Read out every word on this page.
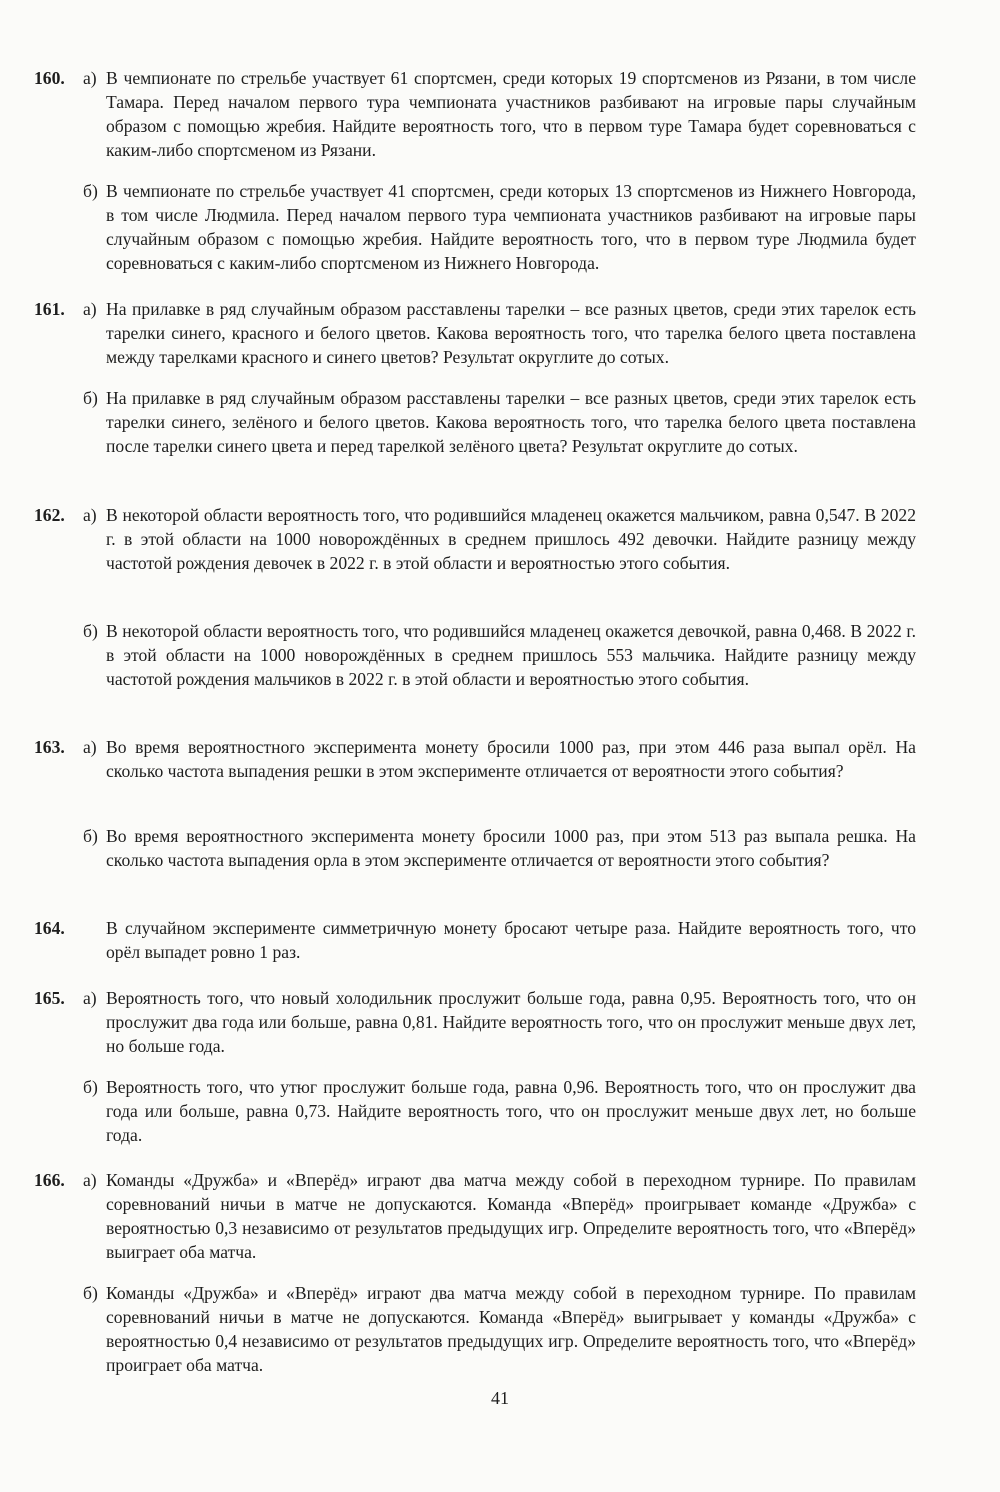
160. а) В чемпионате по стрельбе участвует 61 спортсмен, среди которых 19 спортсменов из Рязани, в том числе Тамара. Перед началом первого тура чемпионата участников разбивают на игровые пары случайным образом с помощью жребия. Найдите вероятность того, что в первом туре Тамара будет соревноваться с каким-либо спортсменом из Рязани.
б) В чемпионате по стрельбе участвует 41 спортсмен, среди которых 13 спортсменов из Нижнего Новгорода, в том числе Людмила. Перед началом первого тура чемпионата участников разбивают на игровые пары случайным образом с помощью жребия. Найдите вероятность того, что в первом туре Людмила будет соревноваться с каким-либо спортсменом из Нижнего Новгорода.
161. а) На прилавке в ряд случайным образом расставлены тарелки – все разных цветов, среди этих тарелок есть тарелки синего, красного и белого цветов. Какова вероятность того, что тарелка белого цвета поставлена между тарелками красного и синего цветов? Результат округлите до сотых.
б) На прилавке в ряд случайным образом расставлены тарелки – все разных цветов, среди этих тарелок есть тарелки синего, зелёного и белого цветов. Какова вероятность того, что тарелка белого цвета поставлена после тарелки синего цвета и перед тарелкой зелёного цвета? Результат округлите до сотых.
162. а) В некоторой области вероятность того, что родившийся младенец окажется мальчиком, равна 0,547. В 2022 г. в этой области на 1000 новорождённых в среднем пришлось 492 девочки. Найдите разницу между частотой рождения девочек в 2022 г. в этой области и вероятностью этого события.
б) В некоторой области вероятность того, что родившийся младенец окажется девочкой, равна 0,468. В 2022 г. в этой области на 1000 новорождённых в среднем пришлось 553 мальчика. Найдите разницу между частотой рождения мальчиков в 2022 г. в этой области и вероятностью этого события.
163. а) Во время вероятностного эксперимента монету бросили 1000 раз, при этом 446 раза выпал орёл. На сколько частота выпадения решки в этом эксперименте отличается от вероятности этого события?
б) Во время вероятностного эксперимента монету бросили 1000 раз, при этом 513 раз выпала решка. На сколько частота выпадения орла в этом эксперименте отличается от вероятности этого события?
164. В случайном эксперименте симметричную монету бросают четыре раза. Найдите вероятность того, что орёл выпадет ровно 1 раз.
165. а) Вероятность того, что новый холодильник прослужит больше года, равна 0,95. Вероятность того, что он прослужит два года или больше, равна 0,81. Найдите вероятность того, что он прослужит меньше двух лет, но больше года.
б) Вероятность того, что утюг прослужит больше года, равна 0,96. Вероятность того, что он прослужит два года или больше, равна 0,73. Найдите вероятность того, что он прослужит меньше двух лет, но больше года.
166. а) Команды «Дружба» и «Вперёд» играют два матча между собой в переходном турнире. По правилам соревнований ничьи в матче не допускаются. Команда «Вперёд» проигрывает команде «Дружба» с вероятностью 0,3 независимо от результатов предыдущих игр. Определите вероятность того, что «Вперёд» выиграет оба матча.
б) Команды «Дружба» и «Вперёд» играют два матча между собой в переходном турнире. По правилам соревнований ничьи в матче не допускаются. Команда «Вперёд» выигрывает у команды «Дружба» с вероятностью 0,4 независимо от результатов предыдущих игр. Определите вероятность того, что «Вперёд» проиграет оба матча.
41
